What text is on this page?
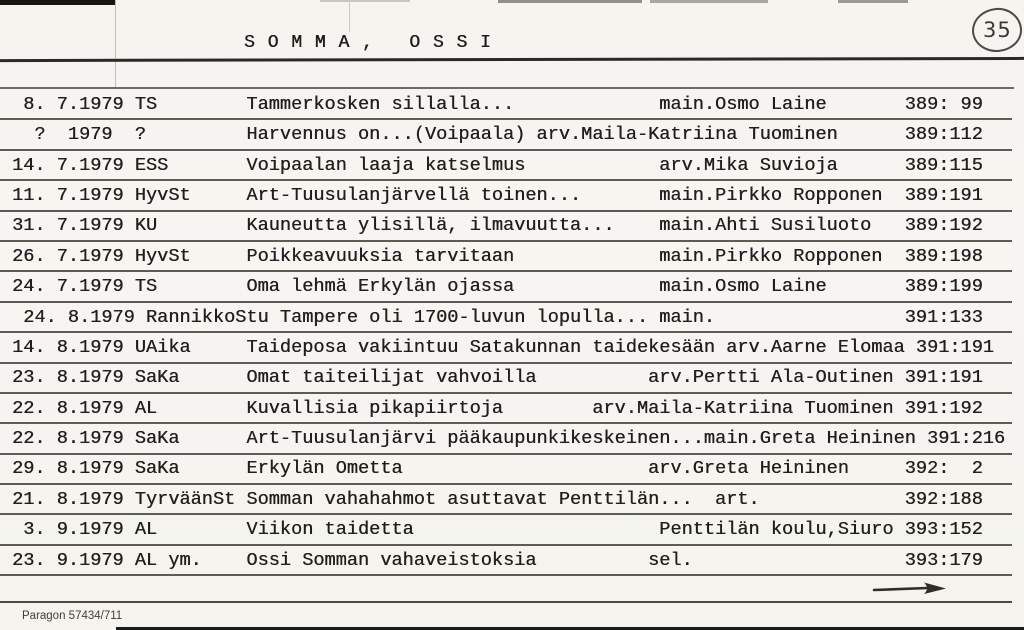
S O M M A ,   O S S I
35
8. 7.1979 TS        Tammerkosken sillalla...             main.Osmo Laine       389: 99
?  1979  ?         Harvennus on...(Voipaala) arv.Maila-Katriina Tuominen      389:112
14. 7.1979 ESS       Voipaalan laaja katselmus            arv.Mika Suvioja      389:115
11. 7.1979 HyvSt     Art-Tuusulanjärvellä toinen...       main.Pirkko Ropponen  389:191
31. 7.1979 KU        Kauneutta ylisillä, ilmavuutta...    main.Ahti Susiluoto   389:192
26. 7.1979 HyvSt     Poikkeavuuksia tarvitaan             main.Pirkko Ropponen  389:198
24. 7.1979 TS        Oma lehmä Erkylän ojassa             main.Osmo Laine       389:199
24. 8.1979 RannikkoStu Tampere oli 1700-luvun lopulla... main.                 391:133
14. 8.1979 UAika     Taideposa vakiintuu Satakunnan taidekesään arv.Aarne Elomaa 391:191
23. 8.1979 SaKa      Omat taiteilijat vahvoilla          arv.Pertti Ala-Outinen 391:191
22. 8.1979 AL        Kuvallisia pikapiirtoja        arv.Maila-Katriina Tuominen 391:192
22. 8.1979 SaKa      Art-Tuusulanjärvi pääkaupunkikeskeinen...main.Greta Heininen 391:216
29. 8.1979 SaKa      Erkylän Ometta                      arv.Greta Heininen     392:  2
21. 8.1979 TyrväänSt Somman vahahahmot asuttavat Penttilän...  art.             392:188
3. 9.1979 AL        Viikon taidetta                      Penttilän koulu,Siuro 393:152
23. 9.1979 AL ym.    Ossi Somman vahaveistoksia          sel.                   393:179
Paragon 57434/711
